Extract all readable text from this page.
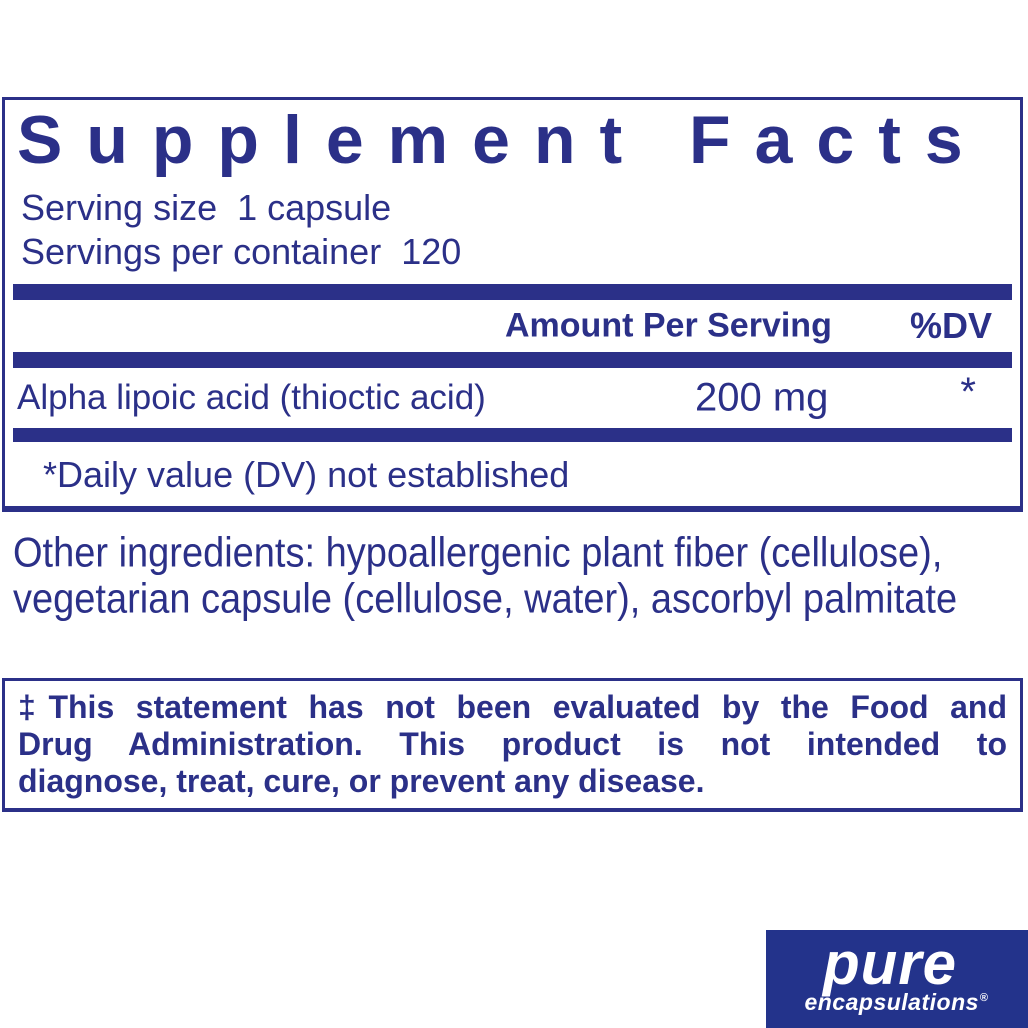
Supplement Facts
Serving size  1 capsule
Servings per container  120
Amount Per Serving %DV
Alpha lipoic acid (thioctic acid)	200 mg	*
*Daily value (DV) not established
Other ingredients: hypoallergenic plant fiber (cellulose),
vegetarian capsule (cellulose, water), ascorbyl palmitate
‡This statement has not been evaluated by the Food and
Drug Administration. This product is not intended to
diagnose, treat, cure, or prevent any disease.
pure
encapsulations®
